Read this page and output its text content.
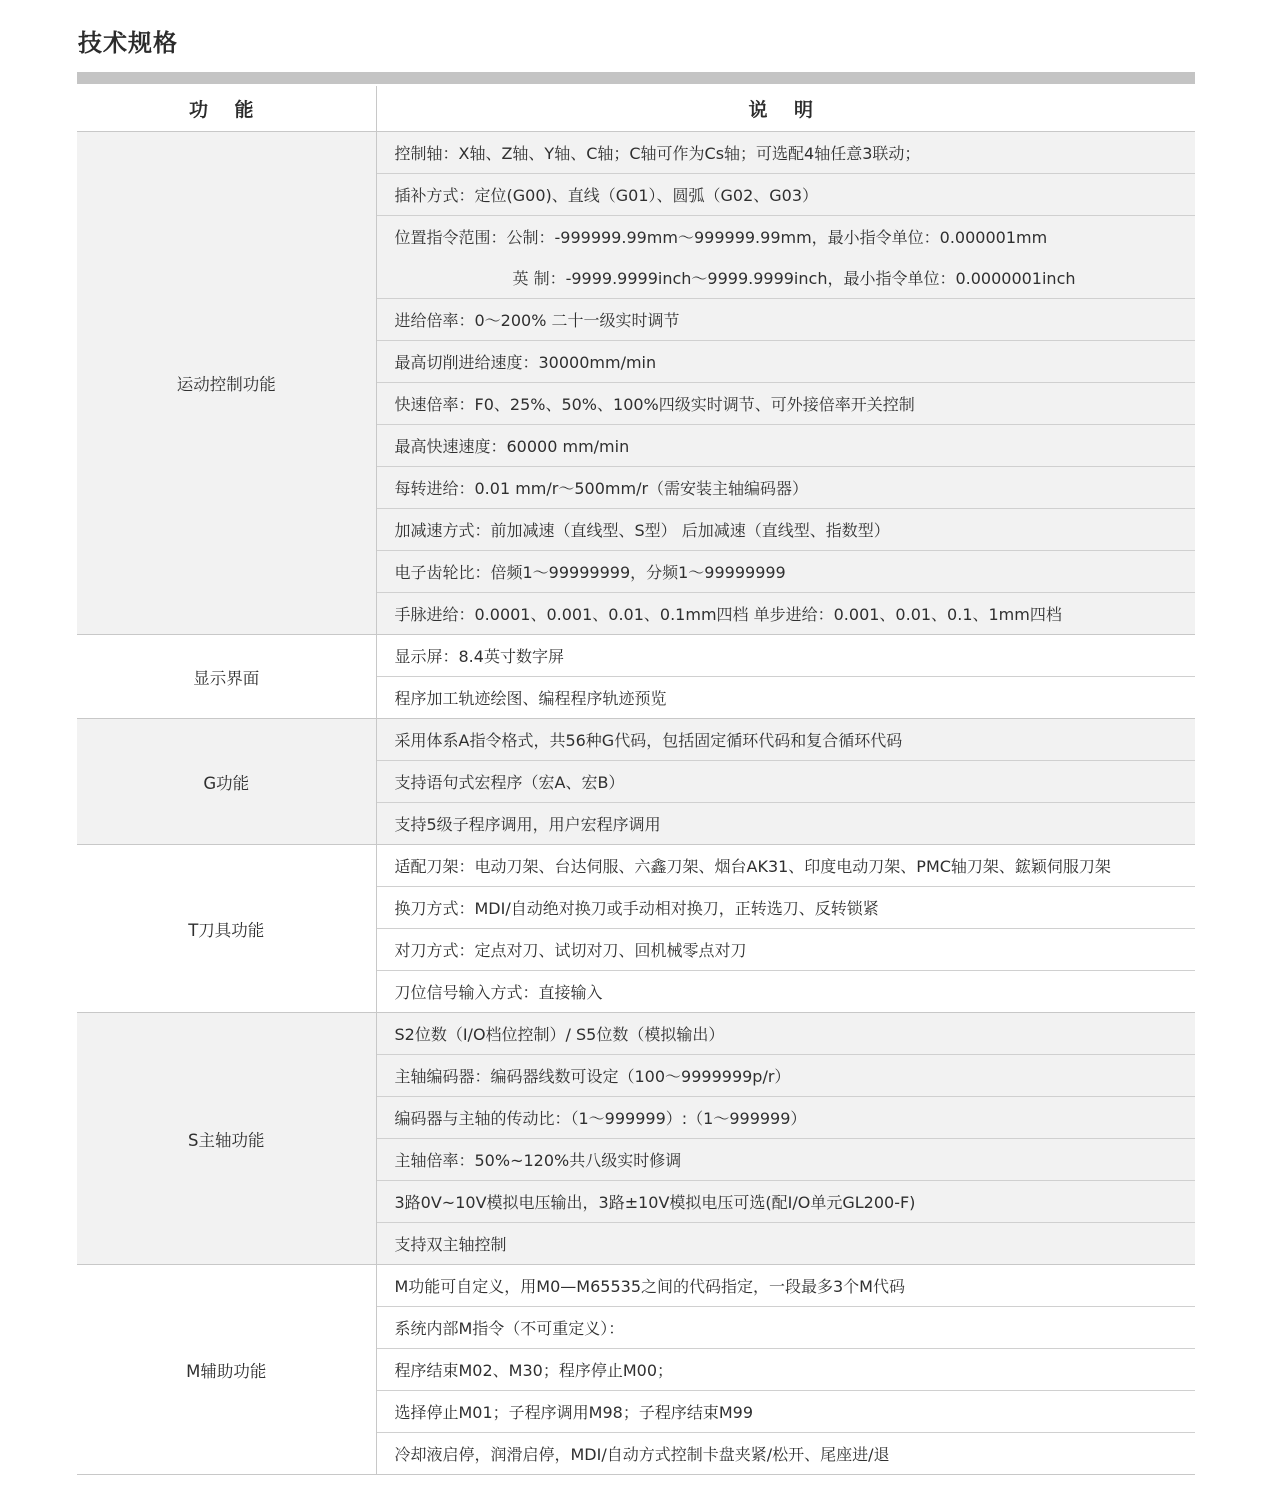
技术规格
功 能	说 明
运动控制功能	控制轴：X轴、Z轴、Y轴、C轴；C轴可作为Cs轴；可选配4轴任意3联动；
	插补方式：定位(G00)、直线（G01）、圆弧（G02、G03）
	位置指令范围：公制：-999999.99mm～999999.99mm，最小指令单位：0.000001mm
	英 制：-9999.9999inch～9999.9999inch，最小指令单位：0.0000001inch
	进给倍率：0～200% 二十一级实时调节
	最高切削进给速度：30000mm/min
	快速倍率：F0、25%、50%、100%四级实时调节、可外接倍率开关控制
	最高快速速度：60000 mm/min
	每转进给：0.01 mm/r～500mm/r（需安装主轴编码器）
	加减速方式：前加减速（直线型、S型） 后加减速（直线型、指数型）
	电子齿轮比：倍频1～99999999，分频1～99999999
	手脉进给：0.0001、0.001、0.01、0.1mm四档 单步进给：0.001、0.01、0.1、1mm四档
显示界面	显示屏：8.4英寸数字屏
	程序加工轨迹绘图、编程程序轨迹预览
G功能	采用体系A指令格式，共56种G代码，包括固定循环代码和复合循环代码
	支持语句式宏程序（宏A、宏B）
	支持5级子程序调用，用户宏程序调用
T刀具功能	适配刀架：电动刀架、台达伺服、六鑫刀架、烟台AK31、印度电动刀架、PMC轴刀架、鋐颖伺服刀架
	换刀方式：MDI/自动绝对换刀或手动相对换刀，正转选刀、反转锁紧
	对刀方式：定点对刀、试切对刀、回机械零点对刀
	刀位信号输入方式：直接输入
S主轴功能	S2位数（I/O档位控制）/ S5位数（模拟输出）
	主轴编码器：编码器线数可设定（100～9999999p/r）
	编码器与主轴的传动比：（1～999999）:（1～999999）
	主轴倍率：50%~120%共八级实时修调
	3路0V~10V模拟电压输出，3路±10V模拟电压可选(配I/O单元GL200-F)
	支持双主轴控制
M辅助功能	M功能可自定义，用M0—M65535之间的代码指定，一段最多3个M代码
	系统内部M指令（不可重定义）：
	程序结束M02、M30；程序停止M00；
	选择停止M01；子程序调用M98；子程序结束M99
	冷却液启停，润滑启停，MDI/自动方式控制卡盘夹紧/松开、尾座进/退
